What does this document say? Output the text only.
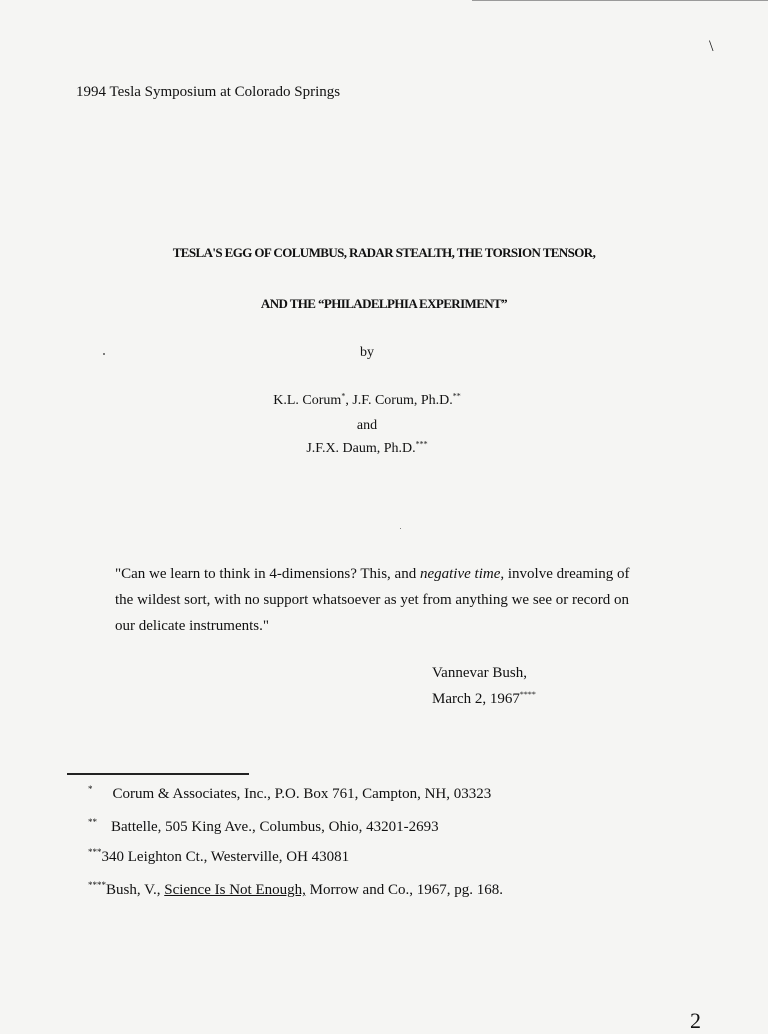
\
1994 Tesla Symposium at Colorado Springs
TESLA'S EGG OF COLUMBUS, RADAR STEALTH, THE TORSION TENSOR,
AND THE “PHILADELPHIA EXPERIMENT”
by
K.L. Corum*, J.F. Corum, Ph.D.**
and
J.F.X. Daum, Ph.D.***

"Can we learn to think in 4-dimensions? This, and negative time, involve dreaming of

the wildest sort, with no support whatsoever as yet from anything we see or record on

our delicate instruments."

Vannevar Bush,

March 2, 1967****

* Corum & Associates, Inc., P.O. Box 761, Campton, NH, 03323
** Battelle, 505 King Ave., Columbus, Ohio, 43201-2693
***340 Leighton Ct., Westerville, OH 43081
****Bush, V., Science Is Not Enough, Morrow and Co., 1967, pg. 168.
2
